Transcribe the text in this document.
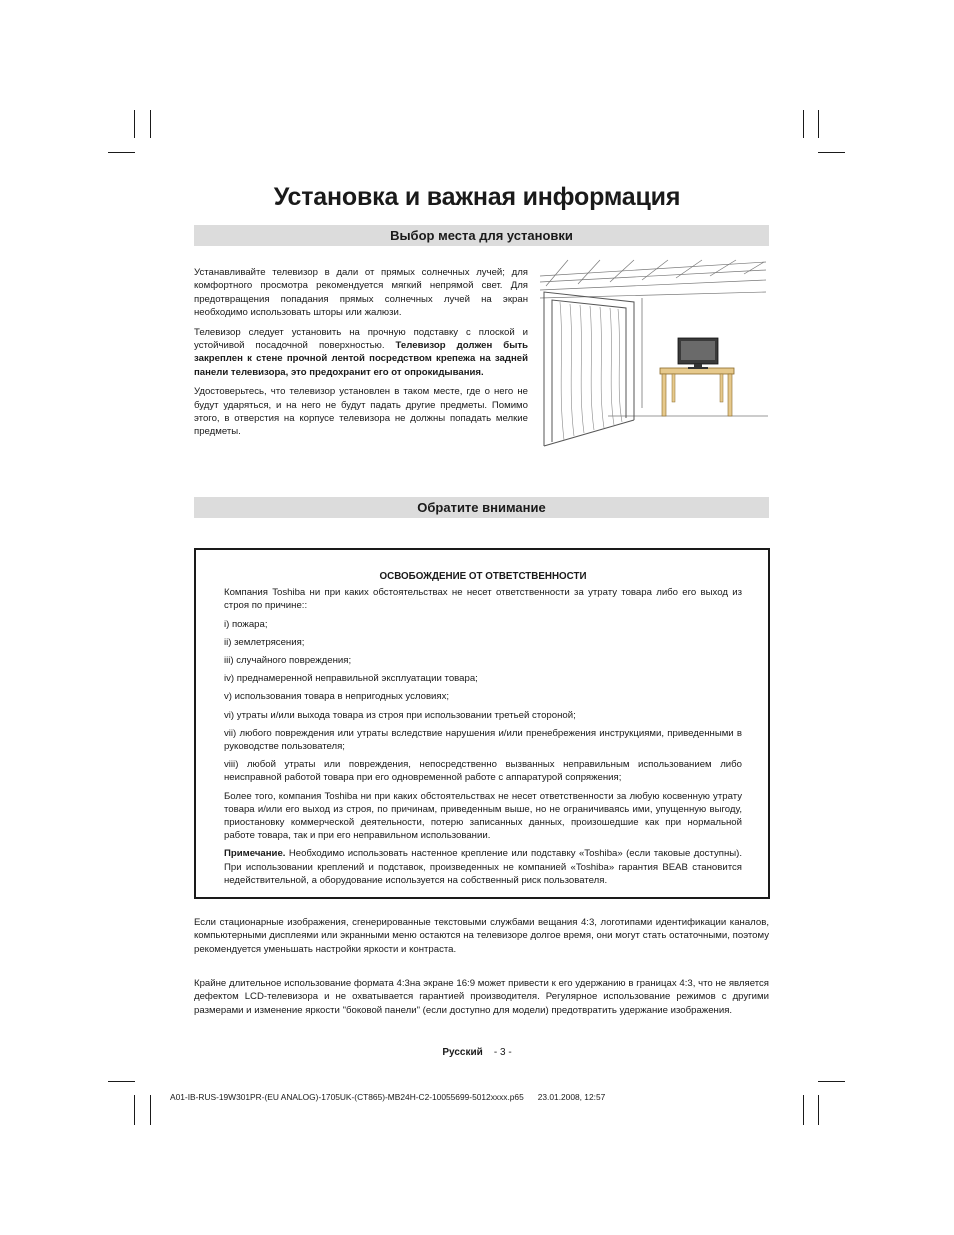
Установка и важная информация
Выбор места для установки

Устанавливайте телевизор в дали от прямых солнечных лучей; для комфортного просмотра рекомендуется мягкий непрямой свет. Для предотвращения попадания прямых солнечных лучей на экран необходимо использовать шторы или жалюзи.

Телевизор следует установить на прочную подставку с плоской и устойчивой посадочной поверхностью. Телевизор должен быть закреплен к стене прочной лентой посредством крепежа на задней панели телевизора, это предохранит его от опрокидывания.

Удостоверьтесь, что телевизор установлен в таком месте, где о него не будут ударяться, и на него не будут падать другие предметы. Помимо этого, в отверстия на корпусе телевизора не должны попадать мелкие предметы.

Обратите внимание
ОСВОБОЖДЕНИЕ ОТ ОТВЕТСТВЕННОСТИ

Компания Toshiba ни при каких обстоятельствах не несет ответственности за утрату товара либо его выход из строя по причине::

i) пожара;

ii) землетрясения;

iii) случайного повреждения;

iv) преднамеренной неправильной эксплуатации товара;

v) использования товара в непригодных условиях;

vi) утраты и/или выхода товара из строя при использовании третьей стороной;

vii) любого повреждения или утраты вследствие нарушения и/или пренебрежения инструкциями, приведенными в руководстве пользователя;

viii) любой утраты или повреждения, непосредственно вызванных неправильным использованием либо неисправной работой товара при его одновременной работе с аппаратурой сопряжения;

Более того, компания Toshiba ни при каких обстоятельствах не несет ответственности за любую косвенную утрату товара и/или его выход из строя, по причинам, приведенным выше, но не ограничиваясь ими, упущенную выгоду, приостановку коммерческой деятельности, потерю записанных данных, произошедшие как при нормальной работе товара, так и при его неправильном использовании.

Примечание. Необходимо использовать настенное крепление или подставку «Toshiba» (если таковые доступны). При использовании креплений и подставок, произведенных не компанией «Toshiba» гарантия BEAB становится недействительной, а оборудование используется на собственный риск пользователя.

Если стационарные изображения, сгенерированные текстовыми службами вещания 4:3, логотипами идентификации каналов, компьютерными дисплеями или экранными меню остаются на телевизоре долгое время, они могут стать остаточными, поэтому рекомендуется уменьшать настройки яркости и контраста.
Крайне длительное использование формата 4:3на экране 16:9 может привести к его удержанию в границах 4:3, что не является дефектом LCD-телевизора и не охватывается гарантией производителя. Регулярное использование режимов с другими размерами и изменение яркости "боковой панели" (если доступно для модели) предотвратить удержание изображения.
Русский - 3 -
A01-IB-RUS-19W301PR-(EU ANALOG)-1705UK-(CT865)-MB24H-C2-10055699-5012xxxx.p65 23.01.2008, 12:57
